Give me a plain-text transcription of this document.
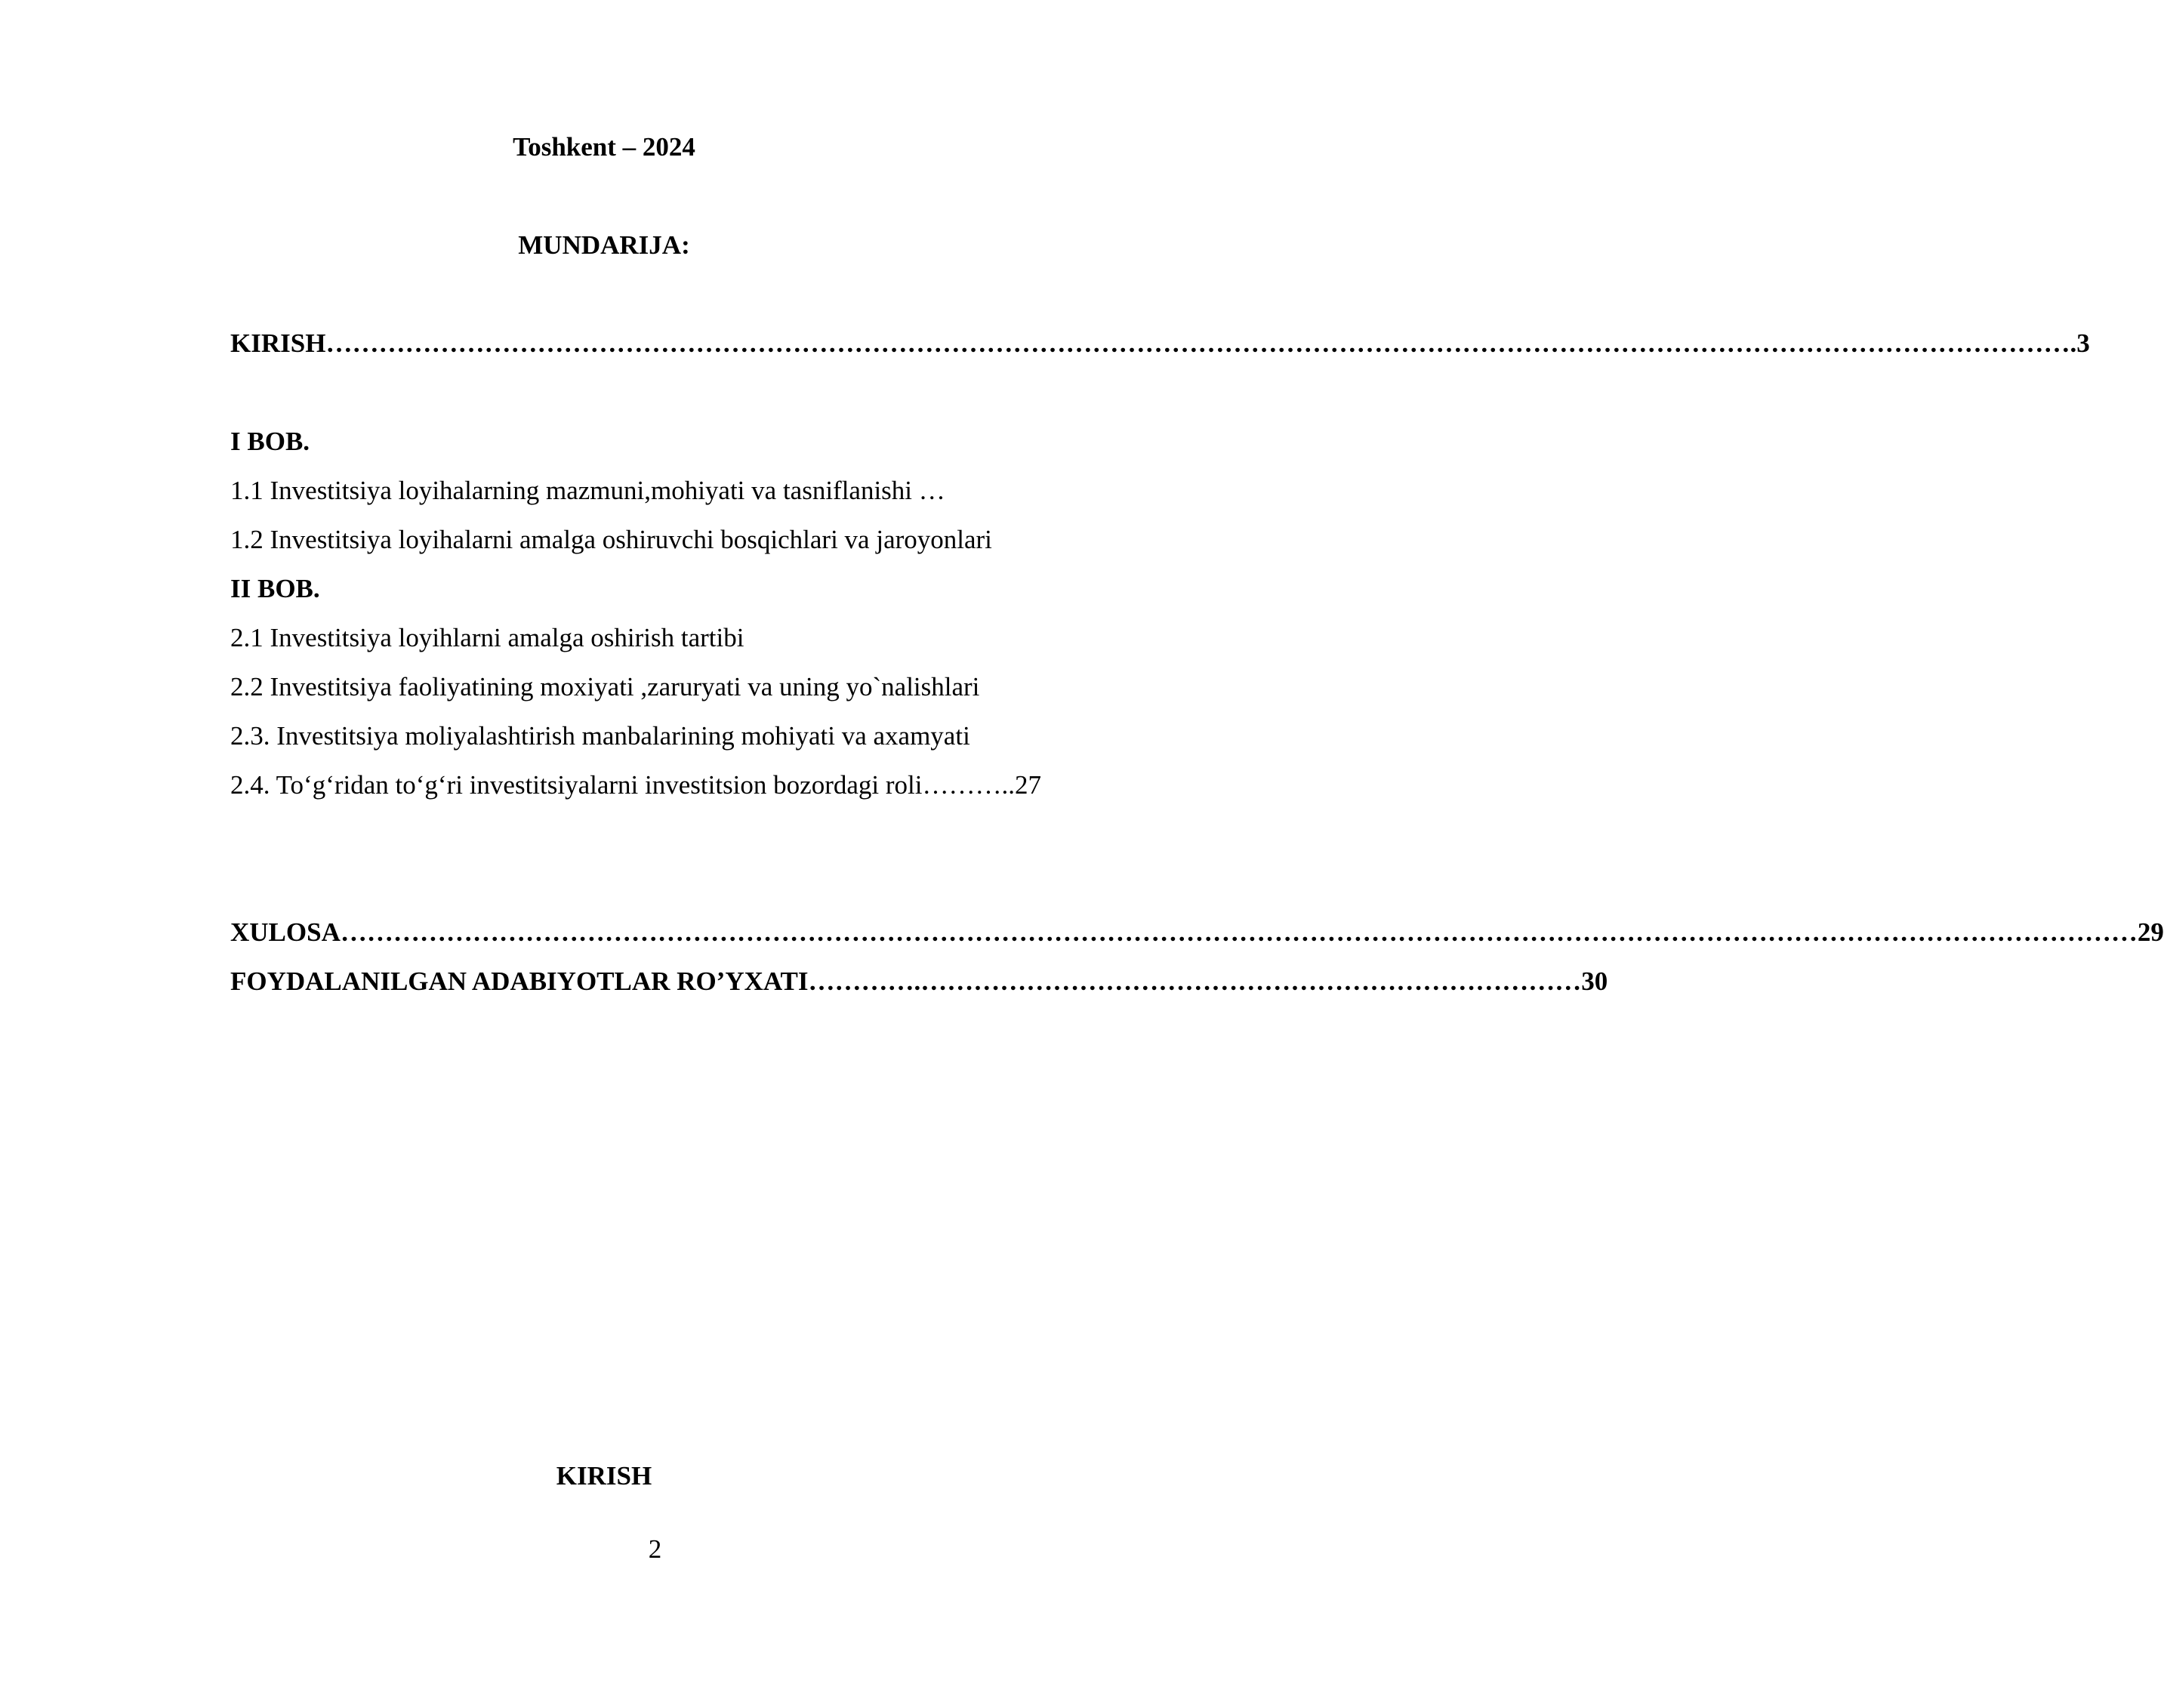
Toshkent – 2024
MUNDARIJA:
KIRISH ………………………………………………………………………………………………………………………………………………………………………………. 3
I BOB.
1.1 Investitsiya loyihalarning mazmuni,mohiyati va tasniflanishi …
1.2 Investitsiya loyihalarni amalga oshiruvchi bosqichlari va jaroyonlari
II BOB.
2.1 Investitsiya loyihlarni amalga oshirish tartibi
2.2 Investitsiya faoliyatining moxiyati ,zaruryati va uning yo`nalishlari
2.3. Investitsiya moliyalashtirish manbalarining mohiyati va axamyati
2.4. To‘g‘ridan to‘g‘ri investitsiyalarni investitsion bozordagi roli………..27
XULOSA …………………………………………………………………………………………………………………………………………………………………………………… 29
FOYDALANILGAN ADABIYOTLAR RO’YXATI ………….………………………………………………………………… 30
KIRISH
2
